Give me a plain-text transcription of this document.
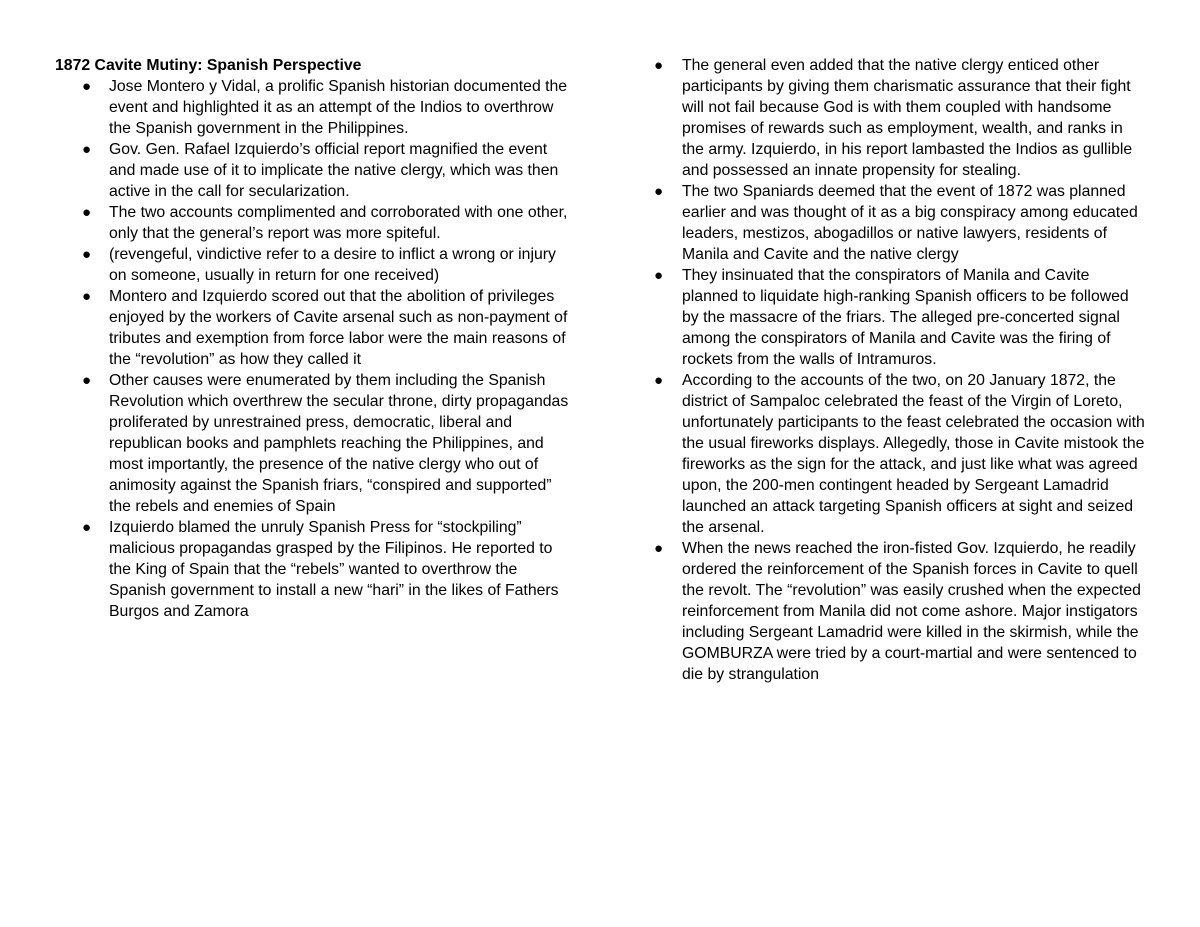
1872 Cavite Mutiny: Spanish Perspective
● Jose Montero y Vidal, a prolific Spanish historian documented the event and highlighted it as an attempt of the Indios to overthrow the Spanish government in the Philippines.
● Gov. Gen. Rafael Izquierdo’s official report magnified the event and made use of it to implicate the native clergy, which was then active in the call for secularization.
● The two accounts complimented and corroborated with one other, only that the general’s report was more spiteful.
● (revengeful, vindictive refer to a desire to inflict a wrong or injury on someone, usually in return for one received)
● Montero and Izquierdo scored out that the abolition of privileges enjoyed by the workers of Cavite arsenal such as non-payment of tributes and exemption from force labor were the main reasons of the “revolution” as how they called it
● Other causes were enumerated by them including the Spanish Revolution which overthrew the secular throne, dirty propagandas proliferated by unrestrained press, democratic, liberal and republican books and pamphlets reaching the Philippines, and most importantly, the presence of the native clergy who out of animosity against the Spanish friars, “conspired and supported” the rebels and enemies of Spain
● Izquierdo blamed the unruly Spanish Press for “stockpiling” malicious propagandas grasped by the Filipinos. He reported to the King of Spain that the “rebels” wanted to overthrow the Spanish government to install a new “hari” in the likes of Fathers Burgos and Zamora
● The general even added that the native clergy enticed other participants by giving them charismatic assurance that their fight will not fail because God is with them coupled with handsome promises of rewards such as employment, wealth, and ranks in the army. Izquierdo, in his report lambasted the Indios as gullible and possessed an innate propensity for stealing.
● The two Spaniards deemed that the event of 1872 was planned earlier and was thought of it as a big conspiracy among educated leaders, mestizos, abogadillos or native lawyers, residents of Manila and Cavite and the native clergy
● They insinuated that the conspirators of Manila and Cavite planned to liquidate high-ranking Spanish officers to be followed by the massacre of the friars. The alleged pre-concerted signal among the conspirators of Manila and Cavite was the firing of rockets from the walls of Intramuros.
● According to the accounts of the two, on 20 January 1872, the district of Sampaloc celebrated the feast of the Virgin of Loreto, unfortunately participants to the feast celebrated the occasion with the usual fireworks displays. Allegedly, those in Cavite mistook the fireworks as the sign for the attack, and just like what was agreed upon, the 200-men contingent headed by Sergeant Lamadrid launched an attack targeting Spanish officers at sight and seized the arsenal.
● When the news reached the iron-fisted Gov. Izquierdo, he readily ordered the reinforcement of the Spanish forces in Cavite to quell the revolt. The “revolution” was easily crushed when the expected reinforcement from Manila did not come ashore. Major instigators including Sergeant Lamadrid were killed in the skirmish, while the GOMBURZA were tried by a court-martial and were sentenced to die by strangulation
